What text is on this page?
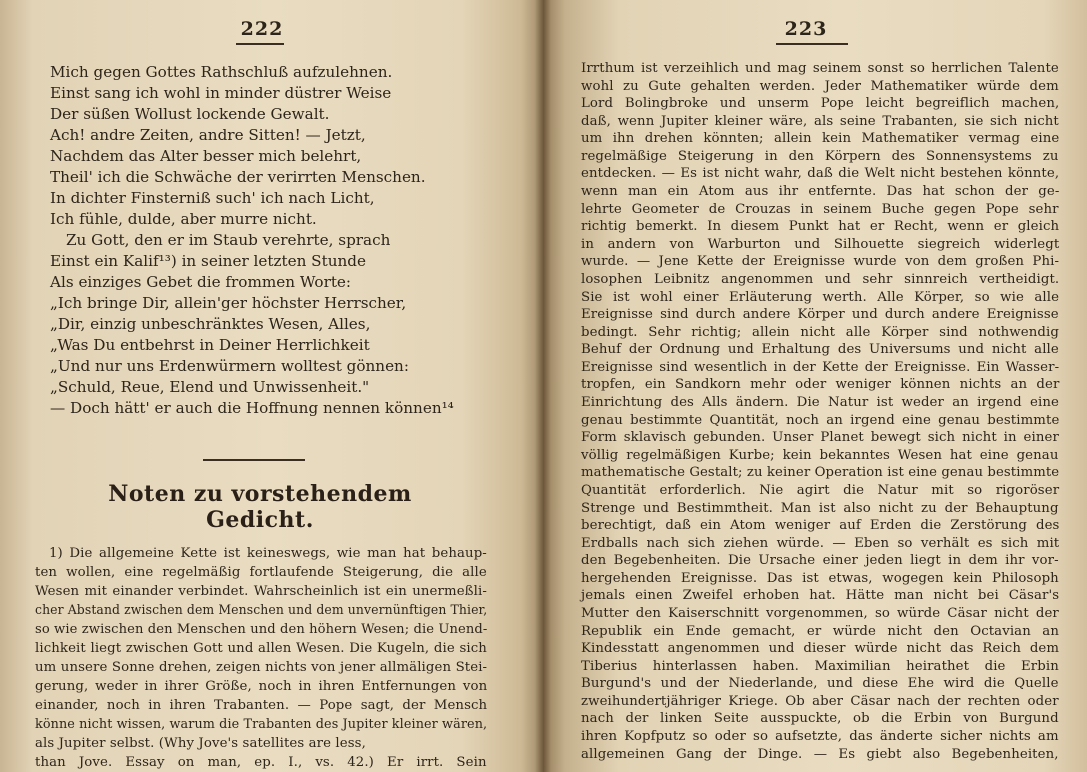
222
Mich gegen Gottes Rathschluß aufzulehnen.
Einst sang ich wohl in minder düstrer Weise
Der süßen Wollust lockende Gewalt.
Ach! andre Zeiten, andre Sitten! — Jetzt,
Nachdem das Alter besser mich belehrt,
Theil' ich die Schwäche der verirrten Menschen.
In dichter Finsterniß such' ich nach Licht,
Ich fühle, dulde, aber murre nicht.
Zu Gott, den er im Staub verehrte, sprach
Einst ein Kalif¹³) in seiner letzten Stunde
Als einziges Gebet die frommen Worte:
„Ich bringe Dir, allein'ger höchster Herrscher,
„Dir, einzig unbeschränktes Wesen, Alles,
„Was Du entbehrst in Deiner Herrlichkeit
„Und nur uns Erdenwürmern wolltest gönnen:
„Schuld, Reue, Elend und Unwissenheit."
— Doch hätt' er auch die Hoffnung nennen können¹⁴
Noten zu vorstehendem Gedicht.
1) Die allgemeine Kette ist keineswegs, wie man hat behaup-
ten wollen, eine regelmäßig fortlaufende Steigerung, die alle
Wesen mit einander verbindet. Wahrscheinlich ist ein unermeßli-
cher Abstand zwischen dem Menschen und dem unvernünftigen Thier,
so wie zwischen den Menschen und den höhern Wesen; die Unend-
lichkeit liegt zwischen Gott und allen Wesen. Die Kugeln, die sich
um unsere Sonne drehen, zeigen nichts von jener allmäligen Stei-
gerung, weder in ihrer Größe, noch in ihren Entfernungen von
einander, noch in ihren Trabanten. — Pope sagt, der Mensch
könne nicht wissen, warum die Trabanten des Jupiter kleiner wären,
als Jupiter selbst. (Why Jove's satellites are less,
than Jove. Essay on man, ep. I., vs. 42.) Er irrt. Sein
223
Irrthum ist verzeihlich und mag seinem sonst so herrlichen Talente
wohl zu Gute gehalten werden. Jeder Mathematiker würde dem
Lord Bolingbroke und unserm Pope leicht begreiflich machen,
daß, wenn Jupiter kleiner wäre, als seine Trabanten, sie sich nicht
um ihn drehen könnten; allein kein Mathematiker vermag eine
regelmäßige Steigerung in den Körpern des Sonnensystems zu
entdecken. — Es ist nicht wahr, daß die Welt nicht bestehen könnte,
wenn man ein Atom aus ihr entfernte. Das hat schon der ge-
lehrte Geometer de Crouzas in seinem Buche gegen Pope sehr
richtig bemerkt. In diesem Punkt hat er Recht, wenn er gleich
in andern von Warburton und Silhouette siegreich widerlegt
wurde. — Jene Kette der Ereignisse wurde von dem großen Phi-
losophen Leibnitz angenommen und sehr sinnreich vertheidigt.
Sie ist wohl einer Erläuterung werth. Alle Körper, so wie alle
Ereignisse sind durch andere Körper und durch andere Ereignisse
bedingt. Sehr richtig; allein nicht alle Körper sind nothwendig
Behuf der Ordnung und Erhaltung des Universums und nicht alle
Ereignisse sind wesentlich in der Kette der Ereignisse. Ein Wasser-
tropfen, ein Sandkorn mehr oder weniger können nichts an der
Einrichtung des Alls ändern. Die Natur ist weder an irgend eine
genau bestimmte Quantität, noch an irgend eine genau bestimmte
Form sklavisch gebunden. Unser Planet bewegt sich nicht in einer
völlig regelmäßigen Kurbe; kein bekanntes Wesen hat eine genau
mathematische Gestalt; zu keiner Operation ist eine genau bestimmte
Quantität erforderlich. Nie agirt die Natur mit so rigoröser
Strenge und Bestimmtheit. Man ist also nicht zu der Behauptung
berechtigt, daß ein Atom weniger auf Erden die Zerstörung des
Erdballs nach sich ziehen würde. — Eben so verhält es sich mit
den Begebenheiten. Die Ursache einer jeden liegt in dem ihr vor-
hergehenden Ereignisse. Das ist etwas, wogegen kein Philosoph
jemals einen Zweifel erhoben hat. Hätte man nicht bei Cäsar's
Mutter den Kaiserschnitt vorgenommen, so würde Cäsar nicht der
Republik ein Ende gemacht, er würde nicht den Octavian an
Kindesstatt angenommen und dieser würde nicht das Reich dem
Tiberius hinterlassen haben. Maximilian heirathet die Erbin
Burgund's und der Niederlande, und diese Ehe wird die Quelle
zweihundertjähriger Kriege. Ob aber Cäsar nach der rechten oder
nach der linken Seite ausspuckte, ob die Erbin von Burgund
ihren Kopfputz so oder so aufsetzte, das änderte sicher nichts am
allgemeinen Gang der Dinge. — Es giebt also Begebenheiten,
